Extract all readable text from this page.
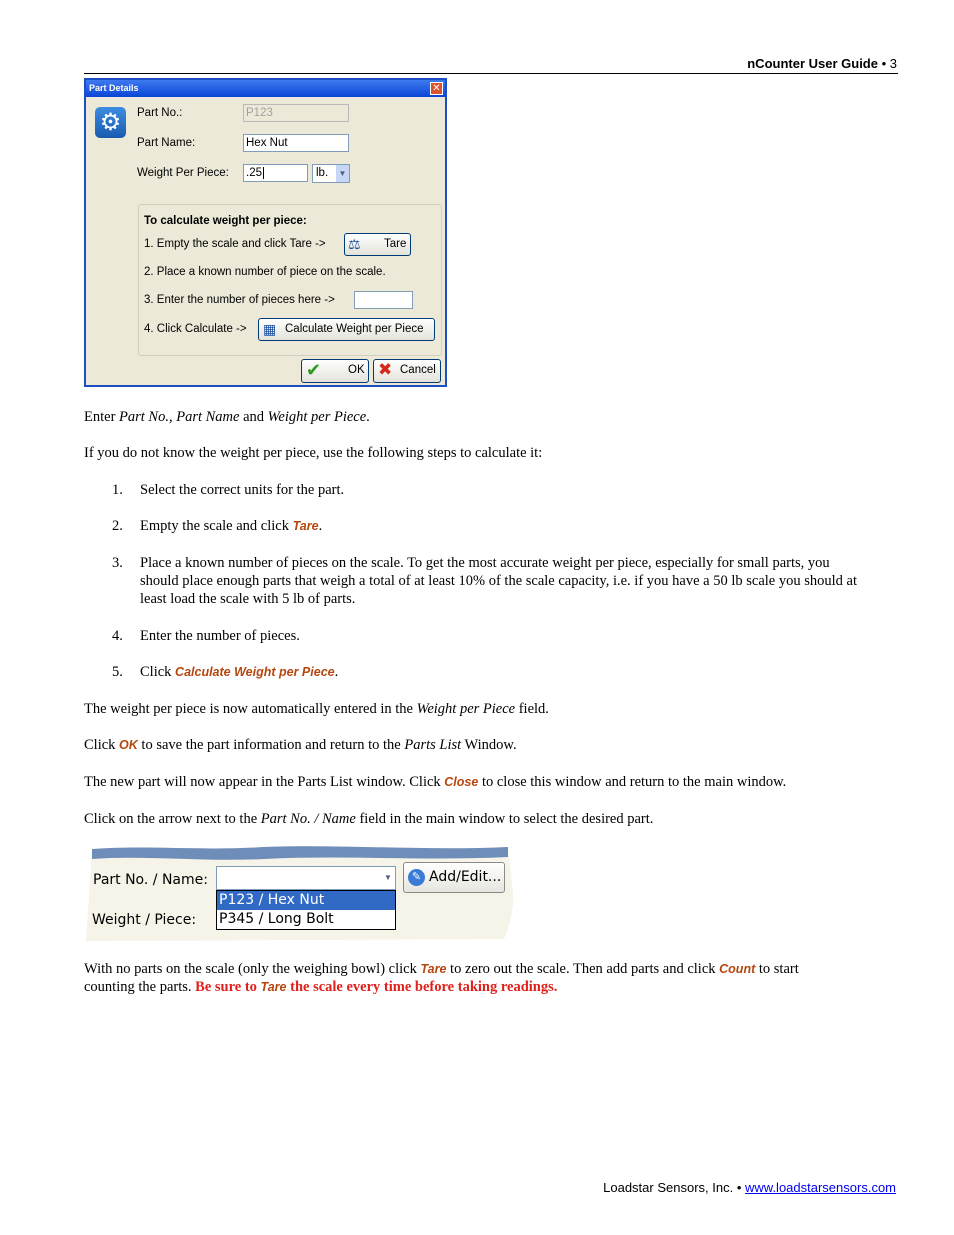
nCounter User Guide • 3
Part Details	✕
⚙	Part No.:	P123
Part Name:	Hex Nut
Weight Per Piece: .25	lb.	▼
To calculate weight per piece:
1. Empty the scale and click Tare -> ⚖ Tare
2. Place a known number of piece on the scale.
3. Enter the number of pieces here ->
4. Click Calculate -> ▦ Calculate Weight per Piece
✔ OK ✖ Cancel
Enter Part No., Part Name and Weight per Piece.
If you do not know the weight per piece, use the following steps to calculate it:
1. Select the correct units for the part.
2. Empty the scale and click Tare.
3. Place a known number of pieces on the scale. To get the most accurate weight per piece, especially for small parts, you should place enough parts that weigh a total of at least 10% of the scale capacity, i.e. if you have a 50 lb scale you should at least load the scale with 5 lb of parts.
4. Enter the number of pieces.
5. Click Calculate Weight per Piece.
The weight per piece is now automatically entered in the Weight per Piece field.
Click OK to save the part information and return to the Parts List Window.
The new part will now appear in the Parts List window. Click Close to close this window and return to the main window.
Click on the arrow next to the Part No. / Name field in the main window to select the desired part.
Part No. / Name:	▼	✎ Add/Edit...
P123 / Hex Nut
P345 / Long Bolt
Weight / Piece:
With no parts on the scale (only the weighing bowl) click Tare to zero out the scale. Then add parts and click Count to start
counting the parts. Be sure to Tare the scale every time before taking readings.
Loadstar Sensors, Inc. • www.loadstarsensors.com
